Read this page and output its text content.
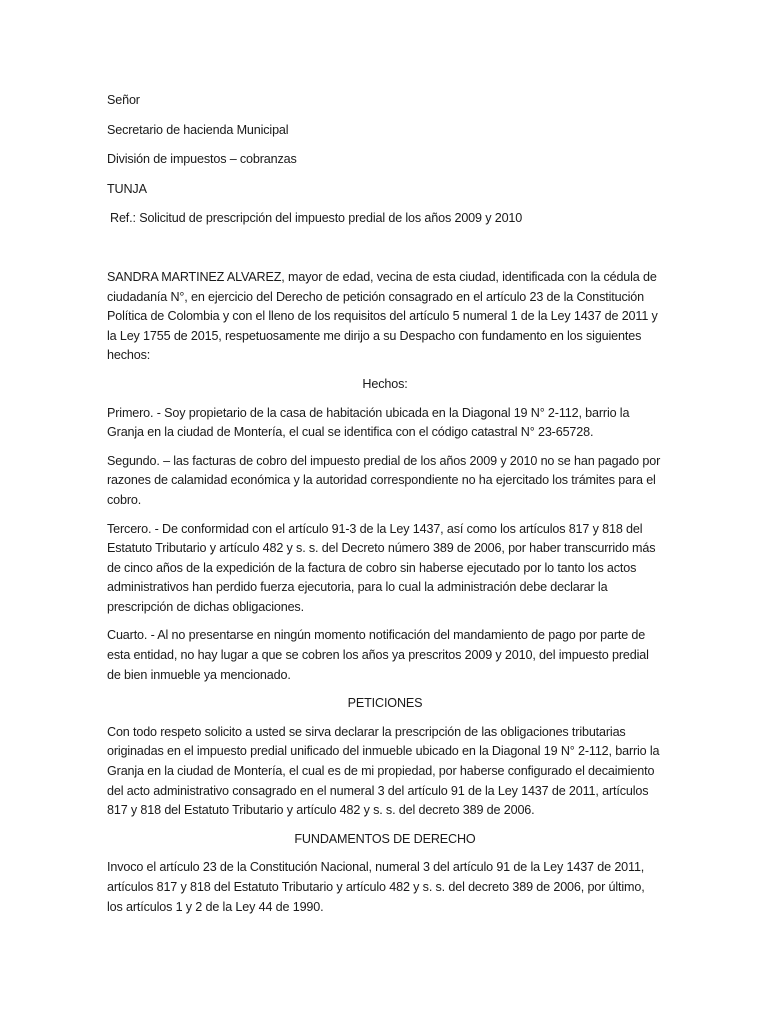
Señor

Secretario de hacienda Municipal

División de impuestos – cobranzas

TUNJA

Ref.: Solicitud de prescripción del impuesto predial de los años 2009 y 2010

SANDRA MARTINEZ ALVAREZ, mayor de edad, vecina de esta ciudad, identificada con la cédula de ciudadanía N°, en ejercicio del Derecho de petición consagrado en el artículo 23 de la Constitución Política de Colombia y con el lleno de los requisitos del artículo 5 numeral 1 de la Ley 1437 de 2011 y la Ley 1755 de 2015, respetuosamente me dirijo a su Despacho con fundamento en los siguientes hechos:

Hechos:

Primero. - Soy propietario de la casa de habitación ubicada en la Diagonal 19 N° 2-112, barrio la Granja en la ciudad de Montería, el cual se identifica con el código catastral N° 23-65728.

Segundo. – las facturas de cobro del impuesto predial de los años 2009 y 2010 no se han pagado por razones de calamidad económica y la autoridad correspondiente no ha ejercitado los trámites para el cobro.

Tercero. - De conformidad con el artículo 91-3 de la Ley 1437, así como los artículos 817 y 818 del Estatuto Tributario y artículo 482 y s. s. del Decreto número 389 de 2006, por haber transcurrido más de cinco años de la expedición de la factura de cobro sin haberse ejecutado por lo tanto los actos administrativos han perdido fuerza ejecutoria, para lo cual la administración debe declarar la prescripción de dichas obligaciones.

Cuarto. - Al no presentarse en ningún momento notificación del mandamiento de pago por parte de esta entidad, no hay lugar a que se cobren los años ya prescritos 2009 y 2010, del impuesto predial de bien inmueble ya mencionado.

PETICIONES

Con todo respeto solicito a usted se sirva declarar la prescripción de las obligaciones tributarias originadas en el impuesto predial unificado del inmueble ubicado en la Diagonal 19 N° 2-112, barrio la Granja en la ciudad de Montería, el cual es de mi propiedad, por haberse configurado el decaimiento del acto administrativo consagrado en el numeral 3 del artículo 91 de la Ley 1437 de 2011, artículos 817 y 818 del Estatuto Tributario y artículo 482 y s. s. del decreto 389 de 2006.

FUNDAMENTOS DE DERECHO

Invoco el artículo 23 de la Constitución Nacional, numeral 3 del artículo 91 de la Ley 1437 de 2011, artículos 817 y 818 del Estatuto Tributario y artículo 482 y s. s. del decreto 389 de 2006, por último, los artículos 1 y 2 de la Ley 44 de 1990.
